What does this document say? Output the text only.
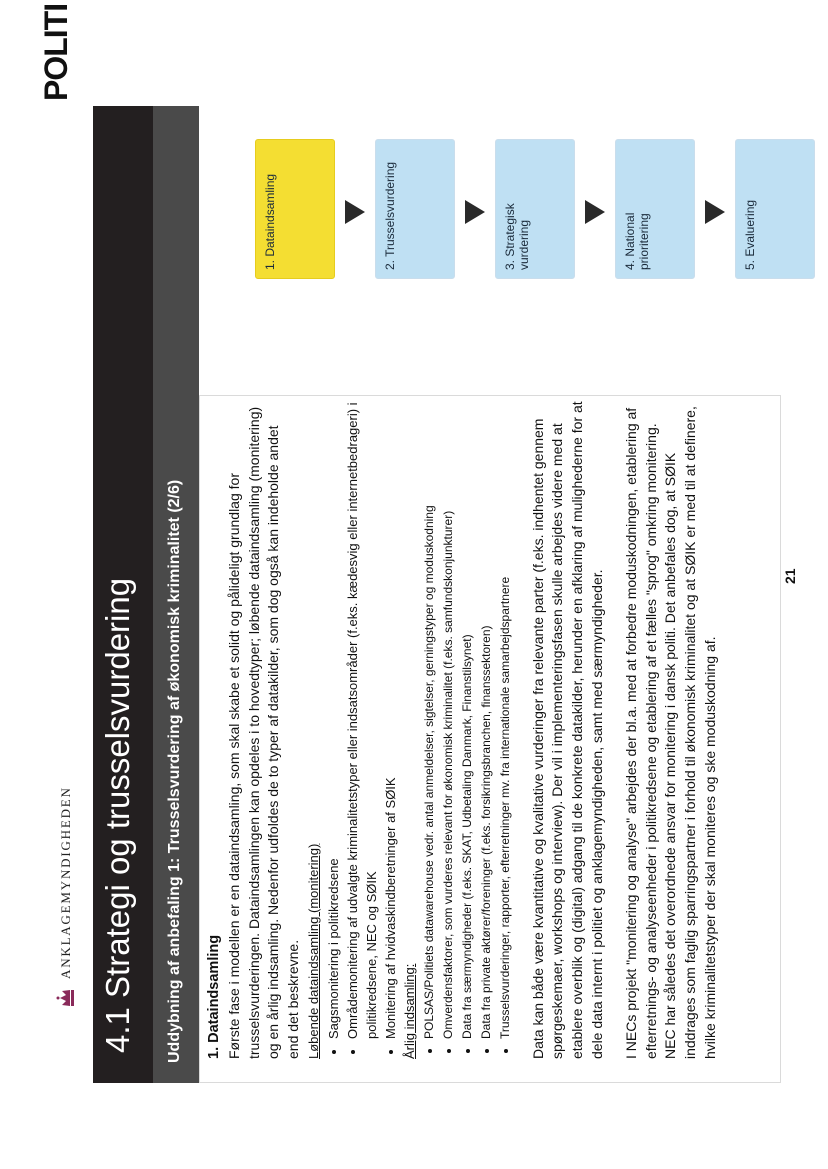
ANKLAGEMYNDIGHEDEN
POLITI
4.1 Strategi og trusselsvurdering Uddybning af anbefaling 1: Trusselsvurdering af økonomisk kriminalitet (2/6) 1. Dataindsamling Første fase i modellen er en dataindsamling, som skal skabe et solidt og pålideligt grundlag for trusselsvurderingen. Dataindsamlingen kan opdeles i to hovedtyper; løbende dataindsamling (monitering) og en årlig indsamling. Nedenfor udfoldes de to typer af datakilder, som dog også kan indeholde andet end det beskrevne. Løbende dataindsamling (monitering) • Sagsmonitering i politikredsene • Områdemonitering af udvalgte kriminalitetstyper eller indsatsområder (f.eks. kædesvig eller internetbedrageri) i politikredsene, NEC og SØIK • Monitering af hvidvaskindberetninger af SØIK Årlig indsamling: • POLSAS/Politiets datawarehouse vedr. antal anmeldelser, sigtelser, gerningstyper og moduskodning • Omverdensfaktorer, som vurderes relevant for økonomisk kriminalitet (f.eks. samfundskonjunkturer) • Data fra særmyndigheder (f.eks. SKAT, Udbetaling Danmark, Finanstilsynet) • Data fra private aktører/foreninger (f.eks. forsikringsbranchen, finanssektoren) • Trusselsvurderinger, rapporter, efterretninger mv. fra internationale samarbejdspartnere Data kan både være kvantitative og kvalitative vurderinger fra relevante parter (f.eks. indhentet gennem spørgeskemaer, workshops og interview). Der vil i implementeringsfasen skulle arbejdes videre med at etablere overblik og (digital) adgang til de konkrete datakilder, herunder en afklaring af mulighederne for at dele data internt i politiet og anklagemyndigheden, samt med særmyndigheder. I NECs projekt "monitering og analyse" arbejdes der bl.a. med at forbedre moduskodningen, etablering af efterretnings- og analyseenheder i politikredsene og etablering af et fælles "sprog" omkring monitering. NEC har således det overordnede ansvar for monitering i dansk politi. Det anbefales dog, at SØIK inddrages som faglig sparringspartner i forhold til økonomisk kriminalitet og at SØIK er med til at definere, hvilke kriminalitetstyper der skal moniteres og ske moduskodning af.

21
1. Dataindsamling	2. Trusselsvurdering	3. Strategisk vurdering	4. National prioritering	5. Evaluering
